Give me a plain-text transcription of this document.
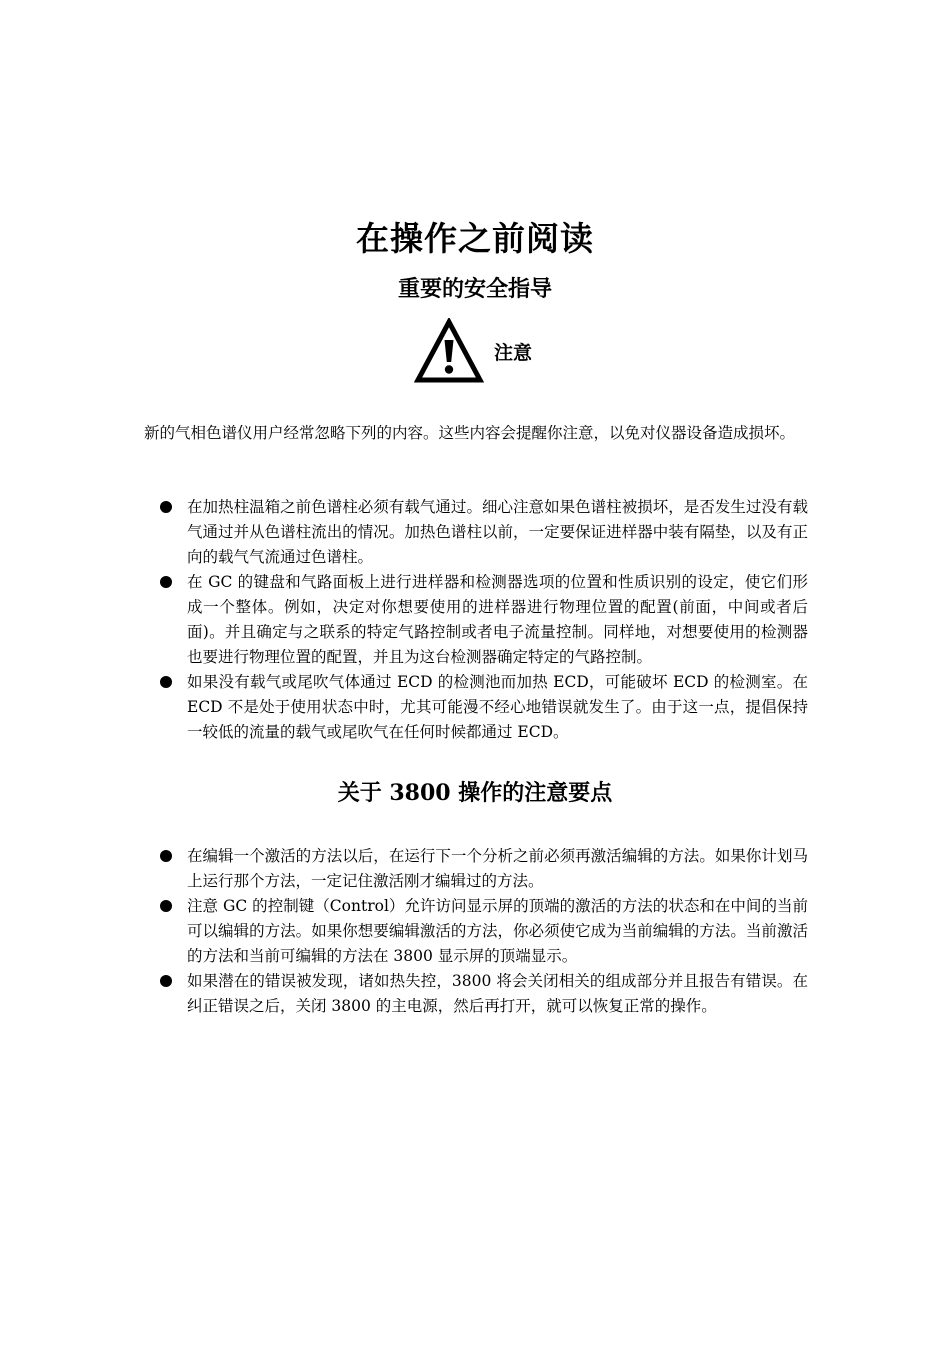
在操作之前阅读
重要的安全指导
注意

新的气相色谱仪用户经常忽略下列的内容。这些内容会提醒你注意，以免对仪器设备造成损坏。

在加热柱温箱之前色谱柱必须有载气通过。细心注意如果色谱柱被损坏，是否发生过没有载气通过并从色谱柱流出的情况。加热色谱柱以前，一定要保证进样器中装有隔垫，以及有正向的载气气流通过色谱柱。
在 GC 的键盘和气路面板上进行进样器和检测器选项的位置和性质识别的设定，使它们形成一个整体。例如，决定对你想要使用的进样器进行物理位置的配置(前面，中间或者后面)。并且确定与之联系的特定气路控制或者电子流量控制。同样地，对想要使用的检测器也要进行物理位置的配置，并且为这台检测器确定特定的气路控制。
如果没有载气或尾吹气体通过 ECD 的检测池而加热 ECD，可能破坏 ECD 的检测室。在 ECD 不是处于使用状态中时，尤其可能漫不经心地错误就发生了。由于这一点，提倡保持一较低的流量的载气或尾吹气在任何时候都通过 ECD。
关于 3800 操作的注意要点
在编辑一个激活的方法以后，在运行下一个分析之前必须再激活编辑的方法。如果你计划马上运行那个方法，一定记住激活刚才编辑过的方法。
注意 GC 的控制键（Control）允许访问显示屏的顶端的激活的方法的状态和在中间的当前可以编辑的方法。如果你想要编辑激活的方法，你必须使它成为当前编辑的方法。当前激活的方法和当前可编辑的方法在 3800 显示屏的顶端显示。
如果潜在的错误被发现，诸如热失控，3800 将会关闭相关的组成部分并且报告有错误。在纠正错误之后，关闭 3800 的主电源，然后再打开，就可以恢复正常的操作。
